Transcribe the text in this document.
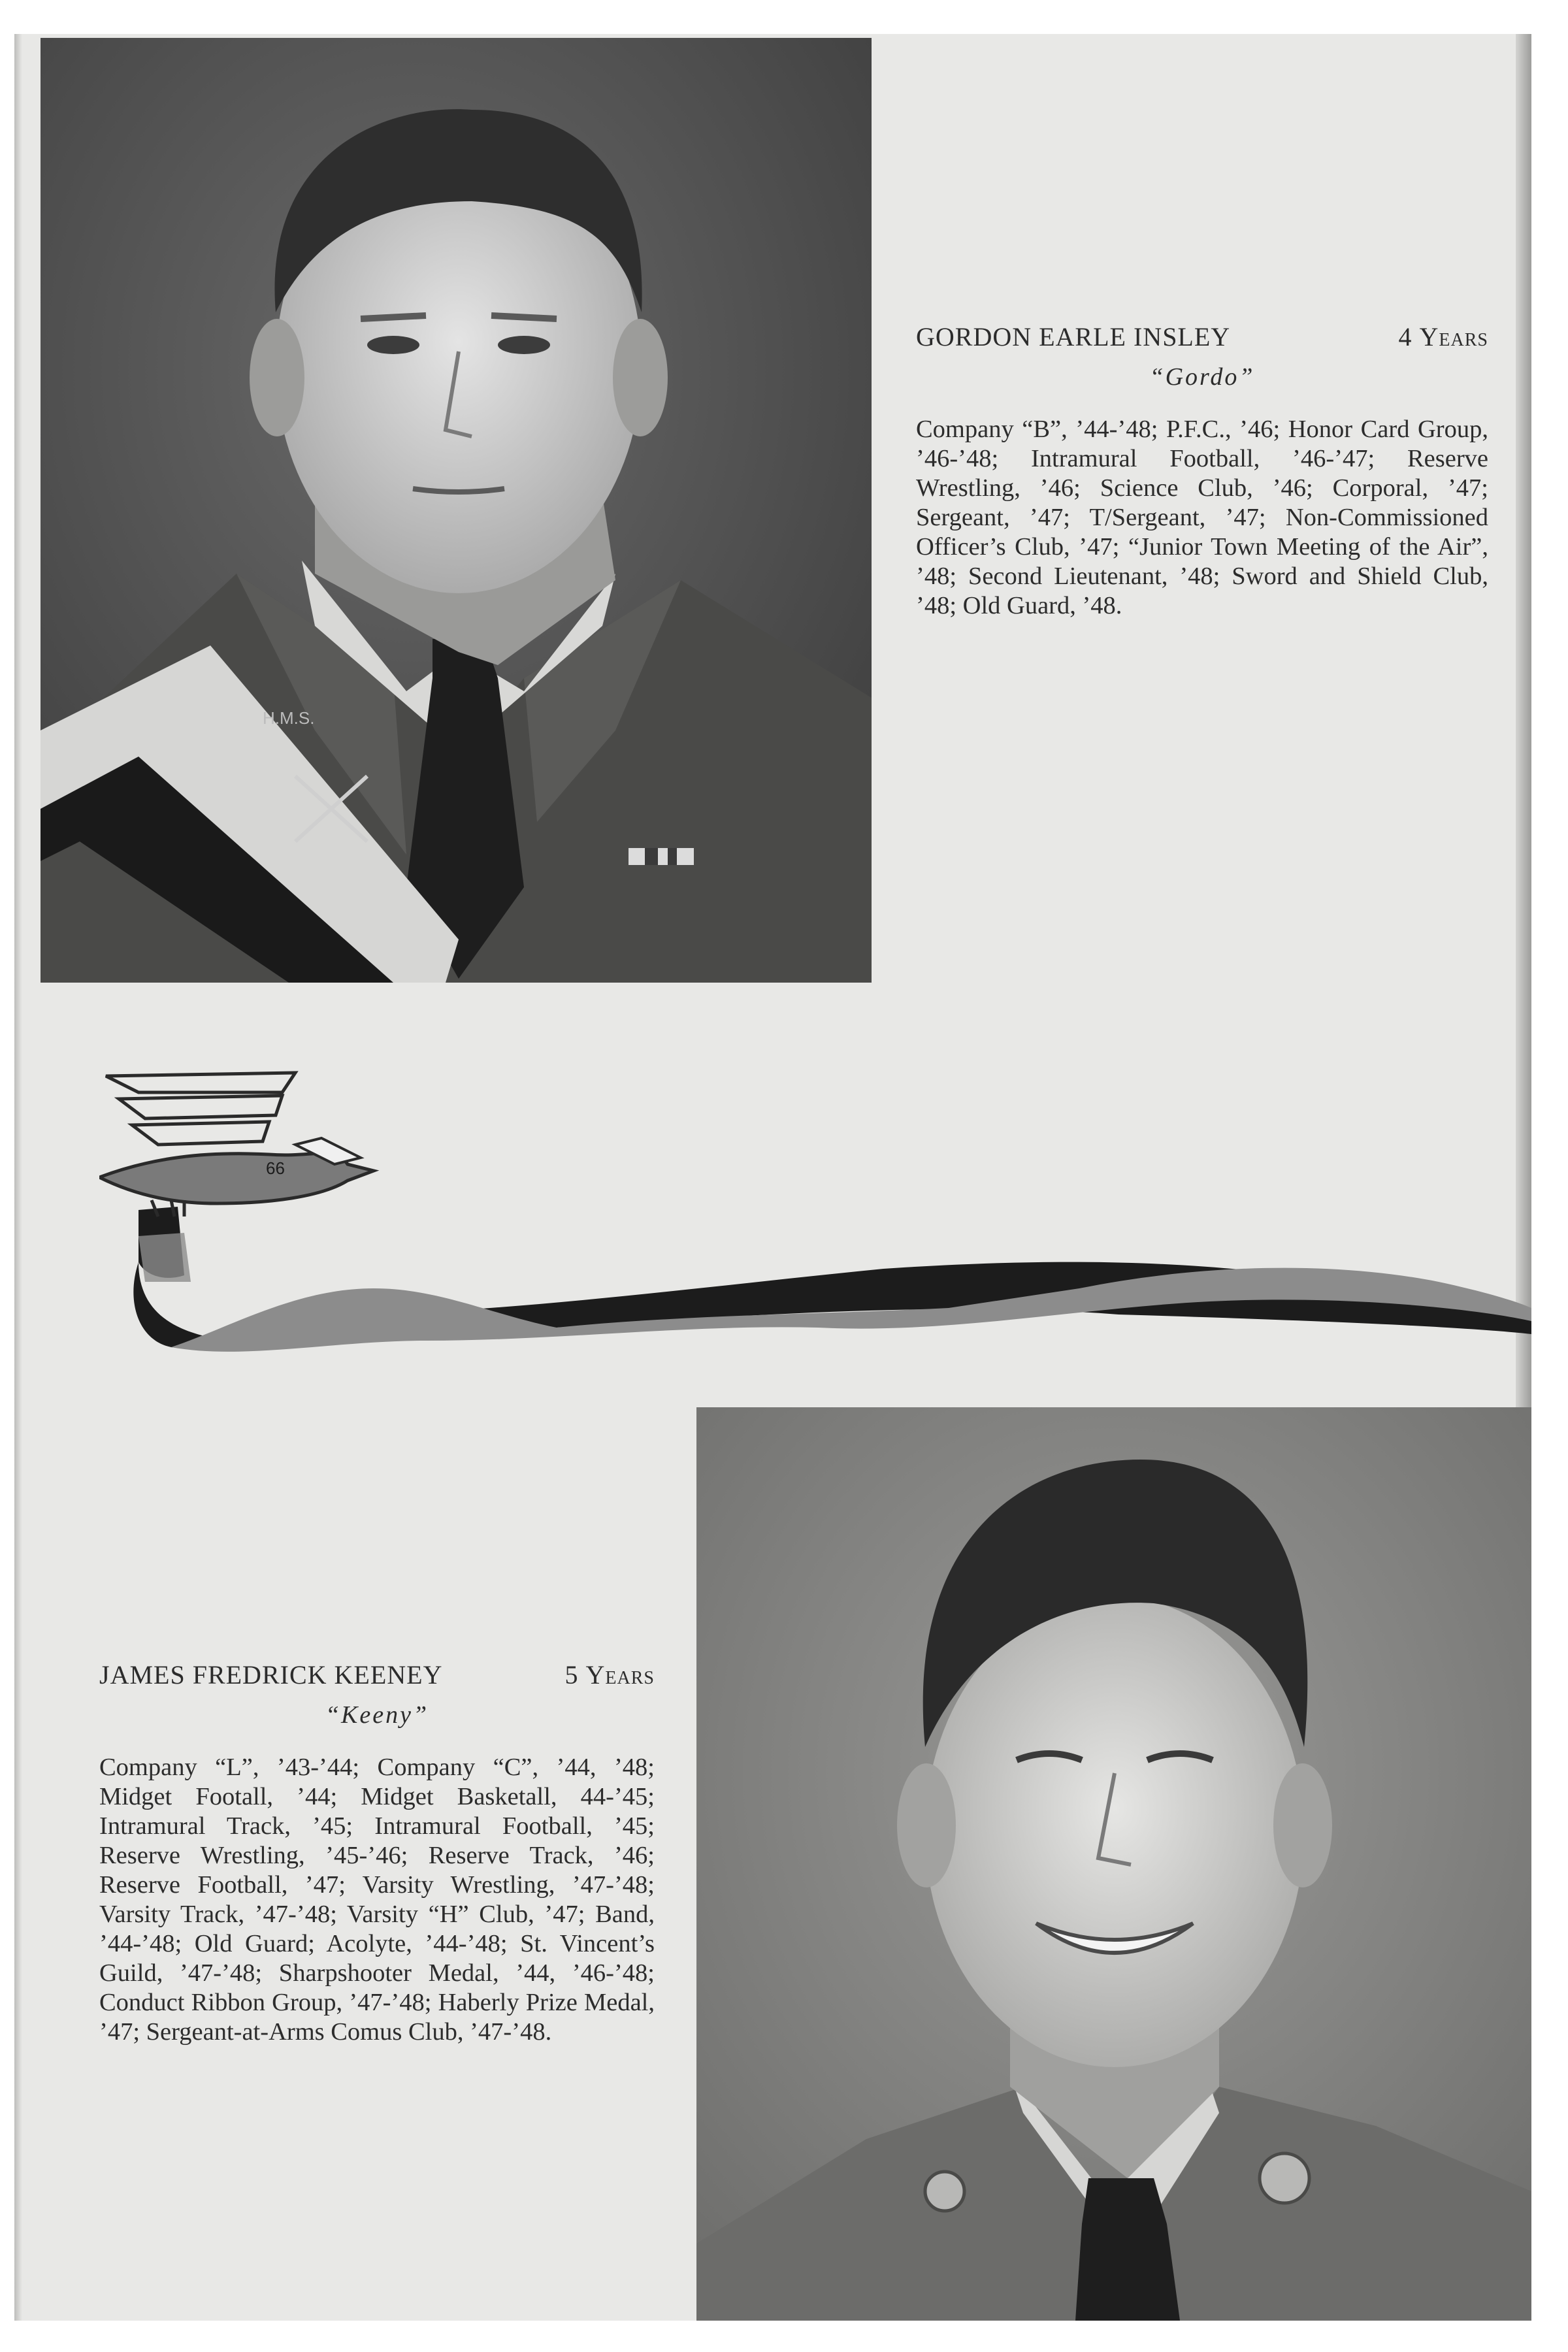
H.M.S.
GORDON EARLE INSLEY	4 Years
“Gordo”

Company “B”, ’44-’48; P.F.C., ’46; Honor Card Group, ’46-’48; Intramural Football, ’46-’47; Reserve Wrestling, ’46; Science Club, ’46; Corporal, ’47; Sergeant, ’47; T/Sergeant, ’47; Non-Commissioned Officer’s Club, ’47; “Junior Town Meeting of the Air”, ’48; Second Lieutenant, ’48; Sword and Shield Club, ’48; Old Guard, ’48.

66
JAMES FREDRICK KEENEY	5 Years
“Keeny”

Company “L”, ’43-’44; Company “C”, ’44, ’48; Midget Footall, ’44; Midget Basketall, 44-’45; Intramural Track, ’45; Intramural Football, ’45; Reserve Wrestling, ’45-’46; Reserve Track, ’46; Reserve Football, ’47; Varsity Wrestling, ’47-’48; Varsity Track, ’47-’48; Varsity “H” Club, ’47; Band, ’44-’48; Old Guard; Acolyte, ’44-’48; St. Vincent’s Guild, ’47-’48; Sharpshooter Medal, ’44, ’46-’48; Conduct Ribbon Group, ’47-’48; Haberly Prize Medal, ’47; Sergeant-at-Arms Comus Club, ’47-’48.
